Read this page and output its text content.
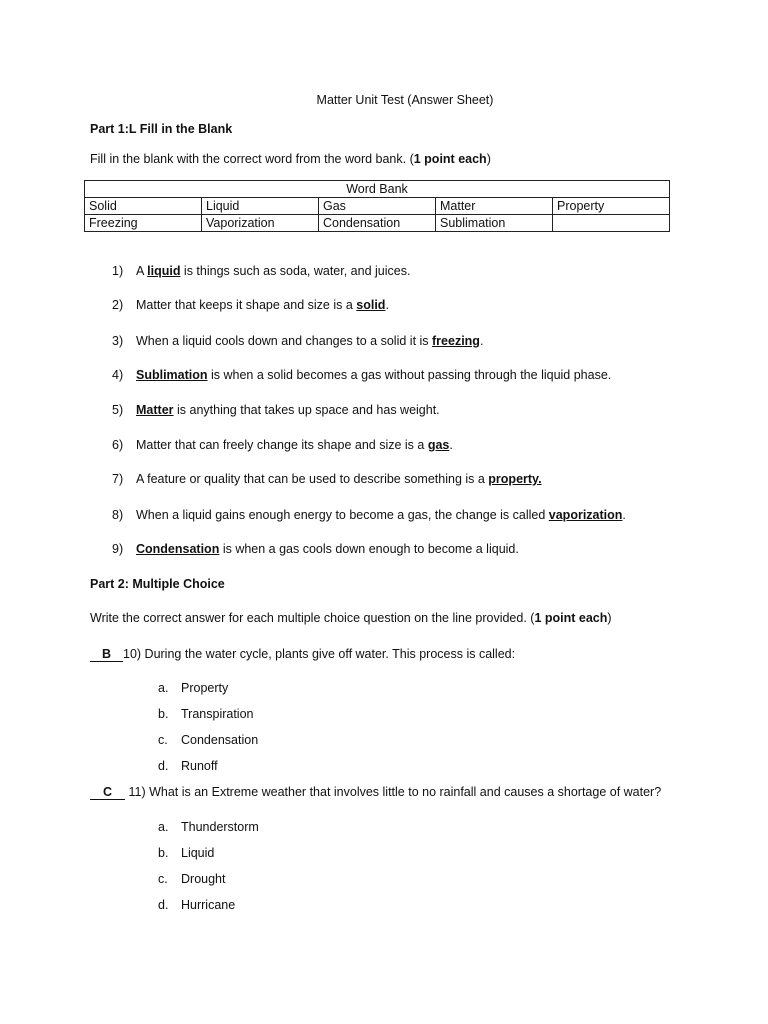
Matter Unit Test (Answer Sheet)
Part 1:L Fill in the Blank
Fill in the blank with the correct word from the word bank. (1 point each)
Word Bank				
Solid	Liquid	Gas	Matter	Property
Freezing	Vaporization	Condensation	Sublimation	
1)	A liquid is things such as soda, water, and juices.
2)	Matter that keeps it shape and size is a solid.
3)	When a liquid cools down and changes to a solid it is freezing.
4)	Sublimation is when a solid becomes a gas without passing through the liquid phase.
5)	Matter is anything that takes up space and has weight.
6)	Matter that can freely change its shape and size is a gas.
7)	A feature or quality that can be used to describe something is a property.
8)	When a liquid gains enough energy to become a gas, the change is called vaporization.
9)	Condensation is when a gas cools down enough to become a liquid.
Part 2: Multiple Choice
Write the correct answer for each multiple choice question on the line provided. (1 point each)
B 10) During the water cycle, plants give off water. This process is called:
a. Property
b. Transpiration
c. Condensation
d. Runoff
C 11) What is an Extreme weather that involves little to no rainfall and causes a shortage of water?
a. Thunderstorm
b. Liquid
c. Drought
d. Hurricane
